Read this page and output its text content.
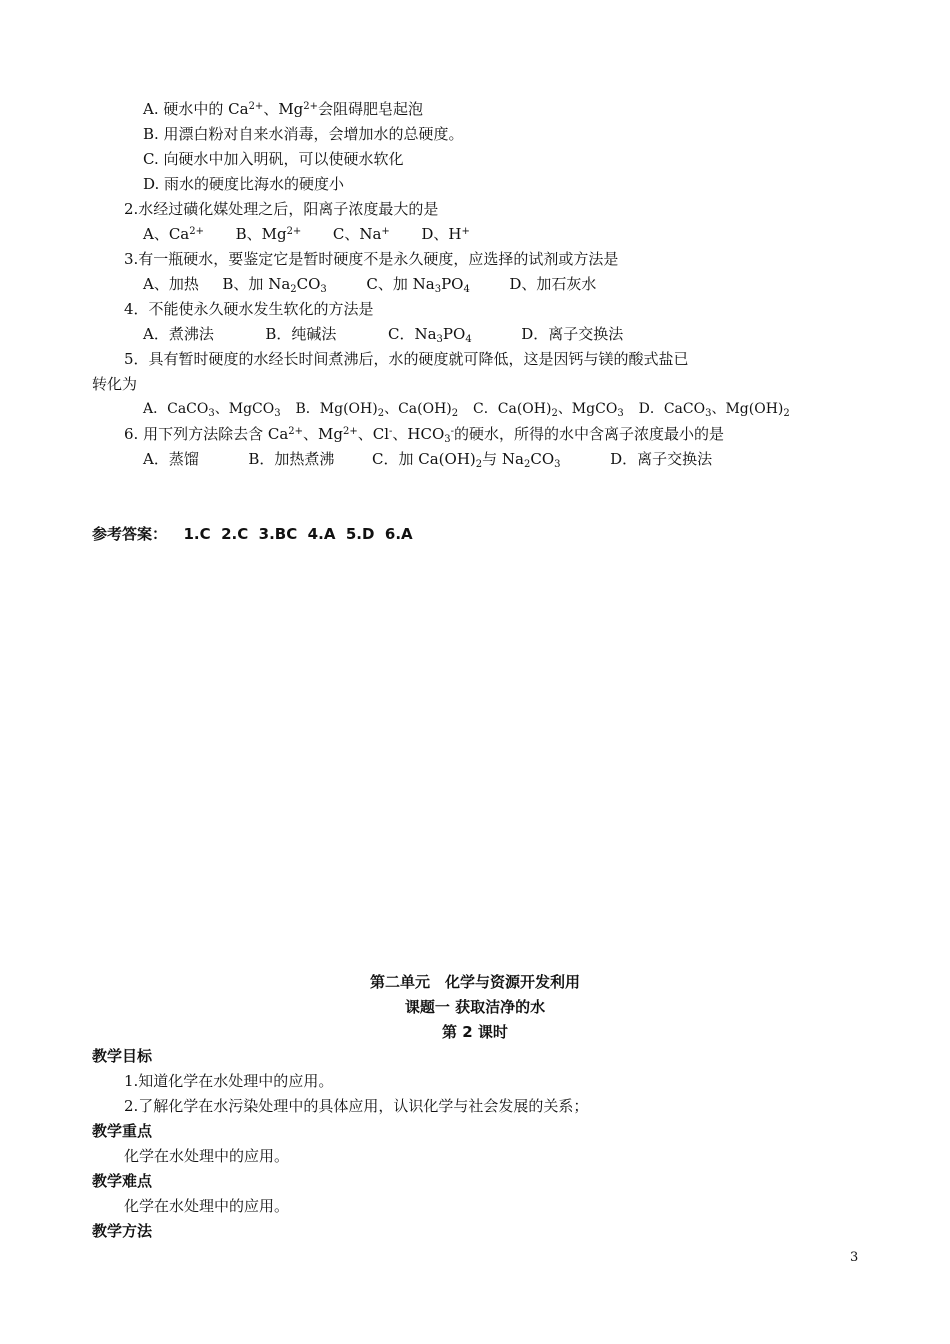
A. 硬水中的 $Ca^{2+}$、$Mg^{2+}$会阻碍肥皂起泡
B. 用漂白粉对自来水消毒，会增加水的总硬度。
C. 向硬水中加入明矾，可以使硬水软化
D. 雨水的硬度比海水的硬度小
2.水经过磺化媒处理之后，阳离子浓度最大的是
A、$Ca^{2+}$ B、$Mg^{2+}$ C、Na+ D、H+
3.有一瓶硬水，要鉴定它是暂时硬度不是永久硬度，应选择的试剂或方法是
A、加热 B、加 $Na_2CO_3$	C、加 $Na_3PO_4$	D、加石灰水
4．不能使永久硬水发生软化的方法是
A．煮沸法	B．纯碱法	C．$Na_3PO_4$	D．离子交换法
5．具有暂时硬度的水经长时间煮沸后，水的硬度就可降低，这是因钙与镁的酸式盐已
转化为
A．CaCO$_3$、MgCO$_3$ B．$Mg(OH)_2$、$Ca(OH)_2$ C．$Ca(OH)_2$、MgCO$_3$ D．CaCO$_3$、$Mg(OH)_2$
6. 用下列方法除去含 $Ca^{2+}$、$Mg^{2+}$、Cl-、$HCO_3^-$的硬水，所得的水中含离子浓度最小的是
A．蒸馏	B．加热煮沸	C．加 $Ca(OH)_2$与 $Na_2CO_3$	D．离子交换法
参考答案： 1.C  2.C  3.BC  4.A  5.D  6.A
第二单元　化学与资源开发利用
课题一 获取洁净的水
第 2 课时
教学目标
1.知道化学在水处理中的应用。
2.了解化学在水污染处理中的具体应用，认识化学与社会发展的关系；
教学重点
化学在水处理中的应用。
教学难点
化学在水处理中的应用。
教学方法
3
